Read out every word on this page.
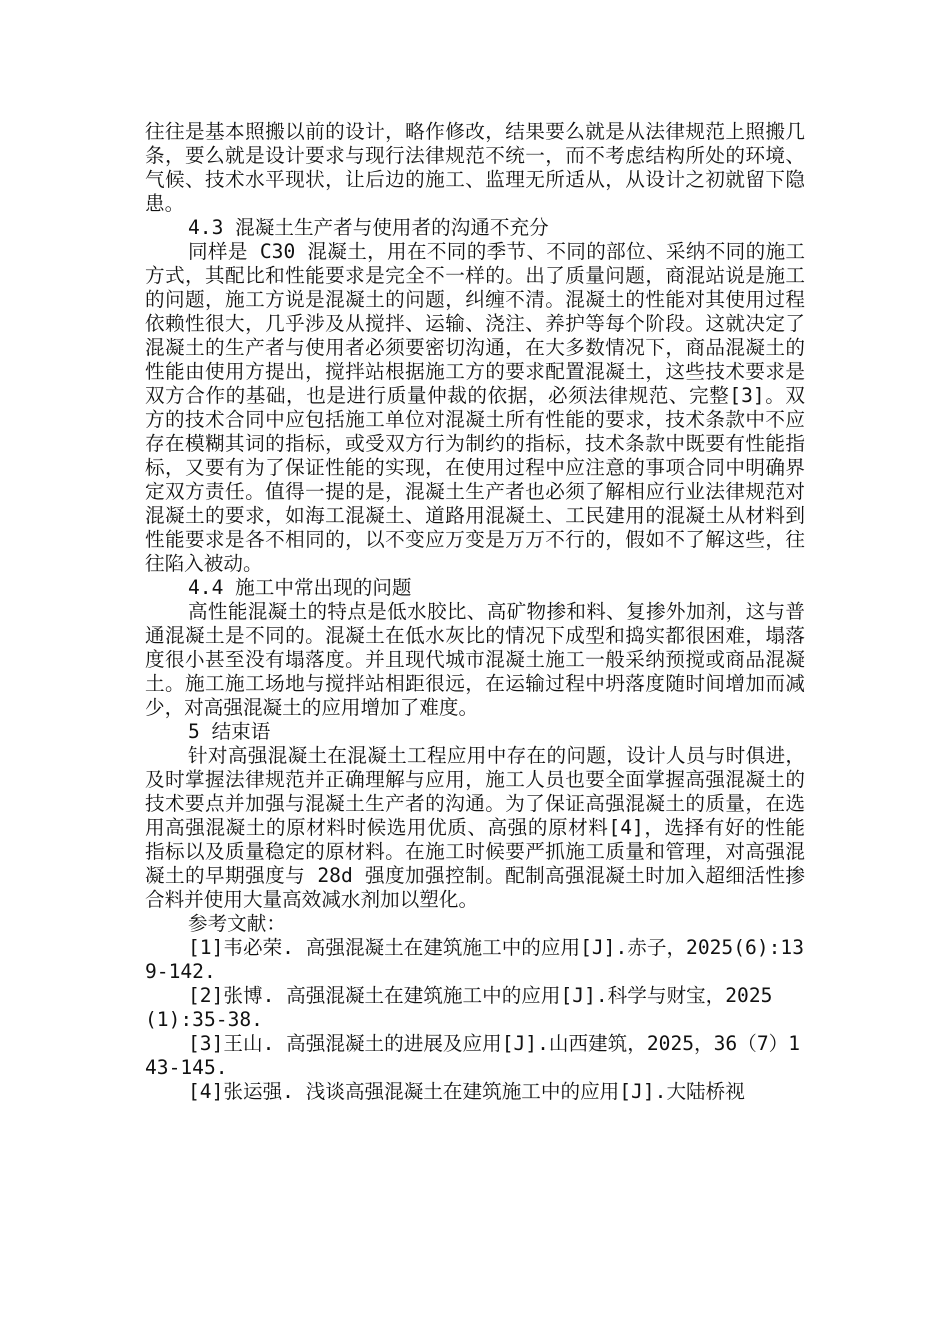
往往是基本照搬以前的设计，略作修改，结果要么就是从法律规范上照搬几条，要么就是设计要求与现行法律规范不统一，而不考虑结构所处的环境、气候、技术水平现状，让后边的施工、监理无所适从，从设计之初就留下隐患。

4.3 混凝土生产者与使用者的沟通不充分

同样是 C30 混凝土，用在不同的季节、不同的部位、采纳不同的施工方式，其配比和性能要求是完全不一样的。出了质量问题，商混站说是施工的问题，施工方说是混凝土的问题，纠缠不清。混凝土的性能对其使用过程依赖性很大，几乎涉及从搅拌、运输、浇注、养护等每个阶段。这就决定了混凝土的生产者与使用者必须要密切沟通，在大多数情况下，商品混凝土的性能由使用方提出，搅拌站根据施工方的要求配置混凝土，这些技术要求是双方合作的基础，也是进行质量仲裁的依据，必须法律规范、完整[3]。双方的技术合同中应包括施工单位对混凝土所有性能的要求，技术条款中不应存在模糊其词的指标，或受双方行为制约的指标，技术条款中既要有性能指标，又要有为了保证性能的实现，在使用过程中应注意的事项合同中明确界定双方责任。值得一提的是，混凝土生产者也必须了解相应行业法律规范对混凝土的要求，如海工混凝土、道路用混凝土、工民建用的混凝土从材料到性能要求是各不相同的，以不变应万变是万万不行的，假如不了解这些，往往陷入被动。

4.4 施工中常出现的问题

高性能混凝土的特点是低水胶比、高矿物掺和料、复掺外加剂，这与普通混凝土是不同的。混凝土在低水灰比的情况下成型和捣实都很困难，塌落度很小甚至没有塌落度。并且现代城市混凝土施工一般采纳预搅或商品混凝土。施工施工场地与搅拌站相距很远，在运输过程中坍落度随时间增加而减少，对高强混凝土的应用增加了难度。

5 结束语

针对高强混凝土在混凝土工程应用中存在的问题，设计人员与时俱进，及时掌握法律规范并正确理解与应用，施工人员也要全面掌握高强混凝土的技术要点并加强与混凝土生产者的沟通。为了保证高强混凝土的质量，在选用高强混凝土的原材料时候选用优质、高强的原材料[4]，选择有好的性能指标以及质量稳定的原材料。在施工时候要严抓施工质量和管理，对高强混凝土的早期强度与 28d 强度加强控制。配制高强混凝土时加入超细活性掺合料并使用大量高效减水剂加以塑化。

参考文献：

[1]韦必荣. 高强混凝土在建筑施工中的应用[J].赤子，2025(6):139-142.

[2]张博. 高强混凝土在建筑施工中的应用[J].科学与财宝，2025 (1):35-38.

[3]王山. 高强混凝土的进展及应用[J].山西建筑，2025，36（7）143-145.

[4]张运强. 浅谈高强混凝土在建筑施工中的应用[J].大陆桥视
